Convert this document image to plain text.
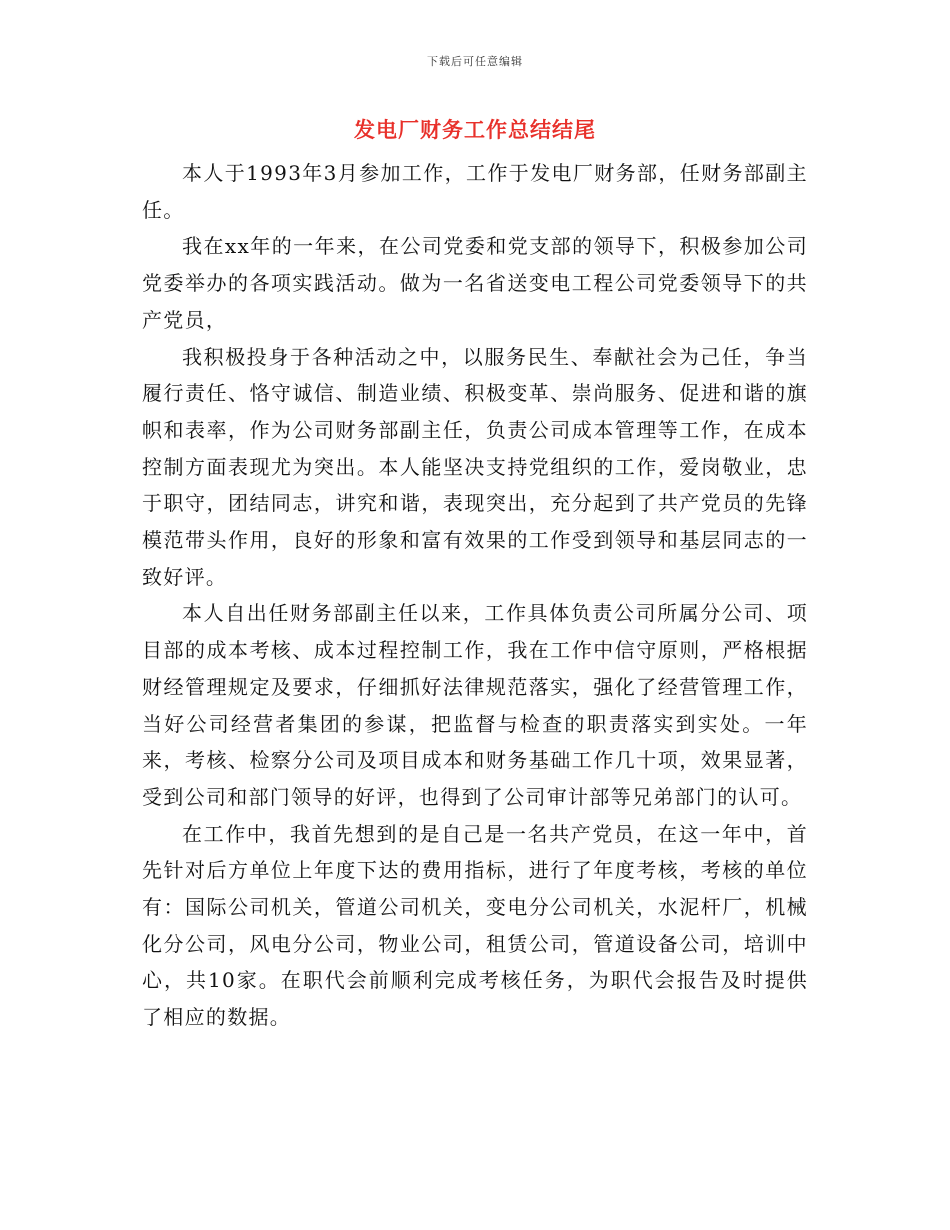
下载后可任意编辑
发电厂财务工作总结结尾

本人于1993年3月参加工作，工作于发电厂财务部，任财务部副主任。

我在xx年的一年来，在公司党委和党支部的领导下，积极参加公司党委举办的各项实践活动。做为一名省送变电工程公司党委领导下的共产党员，

我积极投身于各种活动之中，以服务民生、奉献社会为己任，争当履行责任、恪守诚信、制造业绩、积极变革、崇尚服务、促进和谐的旗帜和表率，作为公司财务部副主任，负责公司成本管理等工作，在成本控制方面表现尤为突出。本人能坚决支持党组织的工作，爱岗敬业，忠于职守，团结同志，讲究和谐，表现突出，充分起到了共产党员的先锋模范带头作用，良好的形象和富有效果的工作受到领导和基层同志的一致好评。

本人自出任财务部副主任以来，工作具体负责公司所属分公司、项目部的成本考核、成本过程控制工作，我在工作中信守原则，严格根据财经管理规定及要求，仔细抓好法律规范落实，强化了经营管理工作，当好公司经营者集团的参谋，把监督与检查的职责落实到实处。一年来，考核、检察分公司及项目成本和财务基础工作几十项，效果显著，受到公司和部门领导的好评，也得到了公司审计部等兄弟部门的认可。

在工作中，我首先想到的是自己是一名共产党员，在这一年中，首先针对后方单位上年度下达的费用指标，进行了年度考核，考核的单位有：国际公司机关，管道公司机关，变电分公司机关，水泥杆厂，机械化分公司，风电分公司，物业公司，租赁公司，管道设备公司，培训中心，共10家。在职代会前顺利完成考核任务，为职代会报告及时提供了相应的数据。
